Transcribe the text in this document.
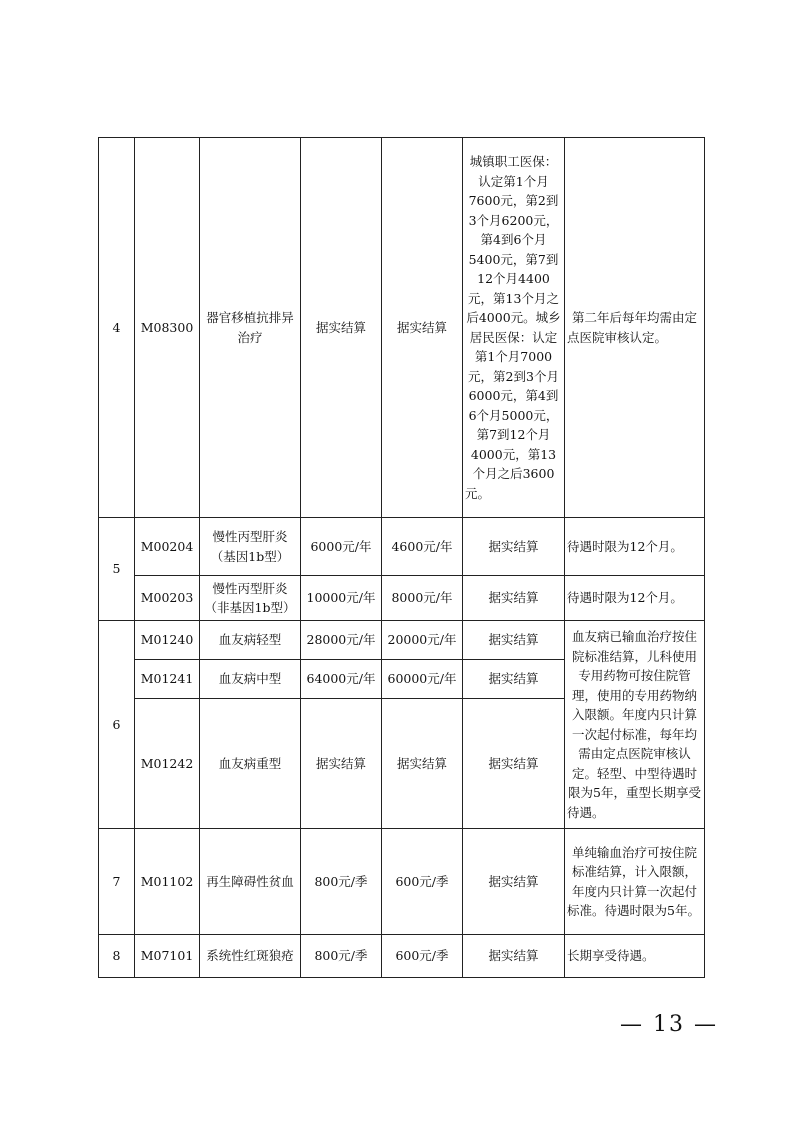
4	M08300	器官移植抗排异治疗	据实结算	据实结算	城镇职工医保：认定第1个月7600元，第2到3个月6200元，第4到6个月5400元，第7到12个月4400元，第13个月之后4000元。城乡居民医保：认定第1个月7000元，第2到3个月6000元，第4到6个月5000元，第7到12个月4000元，第13个月之后3600元。	第二年后每年均需由定点医院审核认定。
5	M00204	慢性丙型肝炎（基因1b型）	6000元/年	4600元/年	据实结算	待遇时限为12个月。
	M00203	慢性丙型肝炎（非基因1b型）	10000元/年	8000元/年	据实结算	待遇时限为12个月。
6	M01240	血友病轻型	28000元/年	20000元/年	据实结算	血友病已输血治疗按住院标准结算，儿科使用专用药物可按住院管理，使用的专用药物纳入限额。年度内只计算一次起付标准，每年均需由定点医院审核认定。轻型、中型待遇时限为5年，重型长期享受待遇。
	M01241	血友病中型	64000元/年	60000元/年	据实结算	
	M01242	血友病重型	据实结算	据实结算	据实结算	
7	M01102	再生障碍性贫血	800元/季	600元/季	据实结算	单纯输血治疗可按住院标准结算，计入限额，年度内只计算一次起付标准。待遇时限为5年。
8	M07101	系统性红斑狼疮	800元/季	600元/季	据实结算	长期享受待遇。
— 13 —
